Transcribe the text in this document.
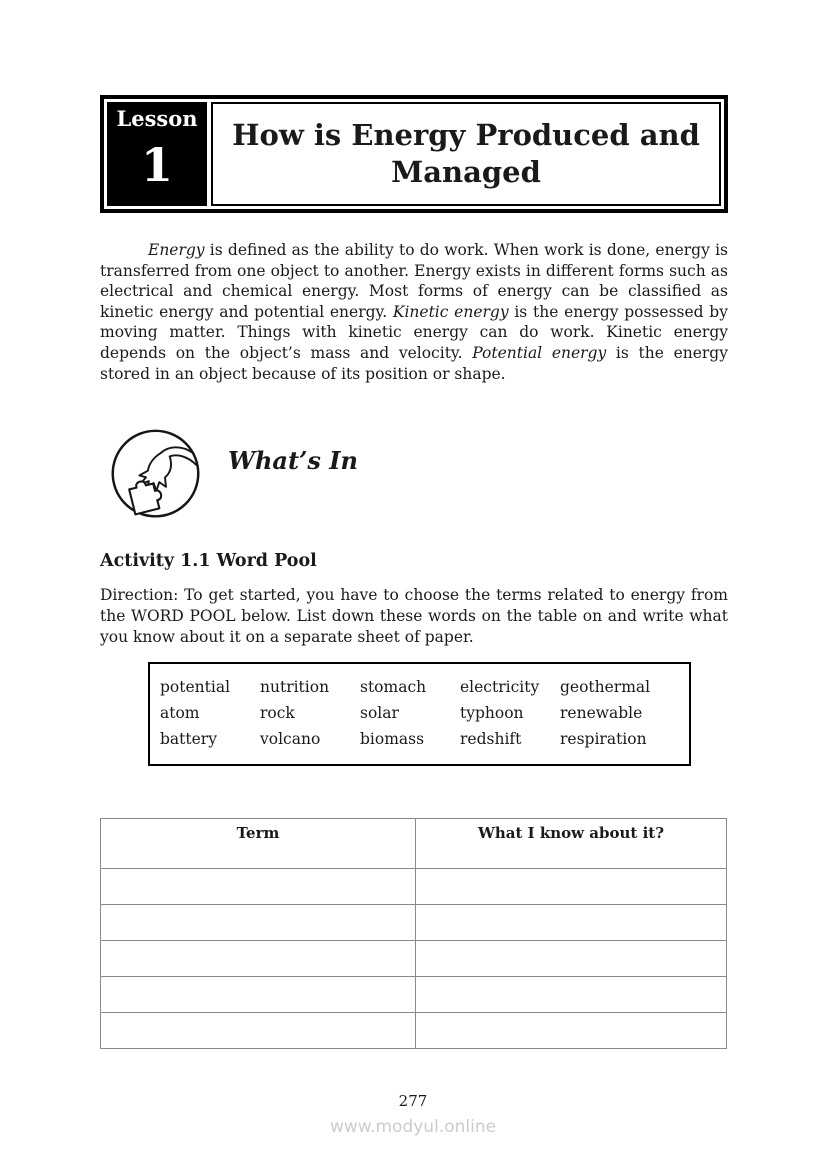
Lesson
1
How is Energy Produced and
Managed

Energy is defined as the ability to do work. When work is done, energy is transferred from one object to another. Energy exists in different forms such as electrical and chemical energy. Most forms of energy can be classified as kinetic energy and potential energy. Kinetic energy is the energy possessed by moving matter. Things with kinetic energy can do work. Kinetic energy depends on the object’s mass and velocity. Potential energy is the energy stored in an object because of its position or shape.

What’s In
Activity 1.1 Word Pool

Direction: To get started, you have to choose the terms related to energy from the WORD POOL below. List down these words on the table on and write what you know about it on a separate sheet of paper.

potential	nutrition	stomach	electricity	geothermal
atom	rock	solar	typhoon	renewable
battery	volcano	biomass	redshift	respiration
Term	What I know about it?

277
www.modyul.online
